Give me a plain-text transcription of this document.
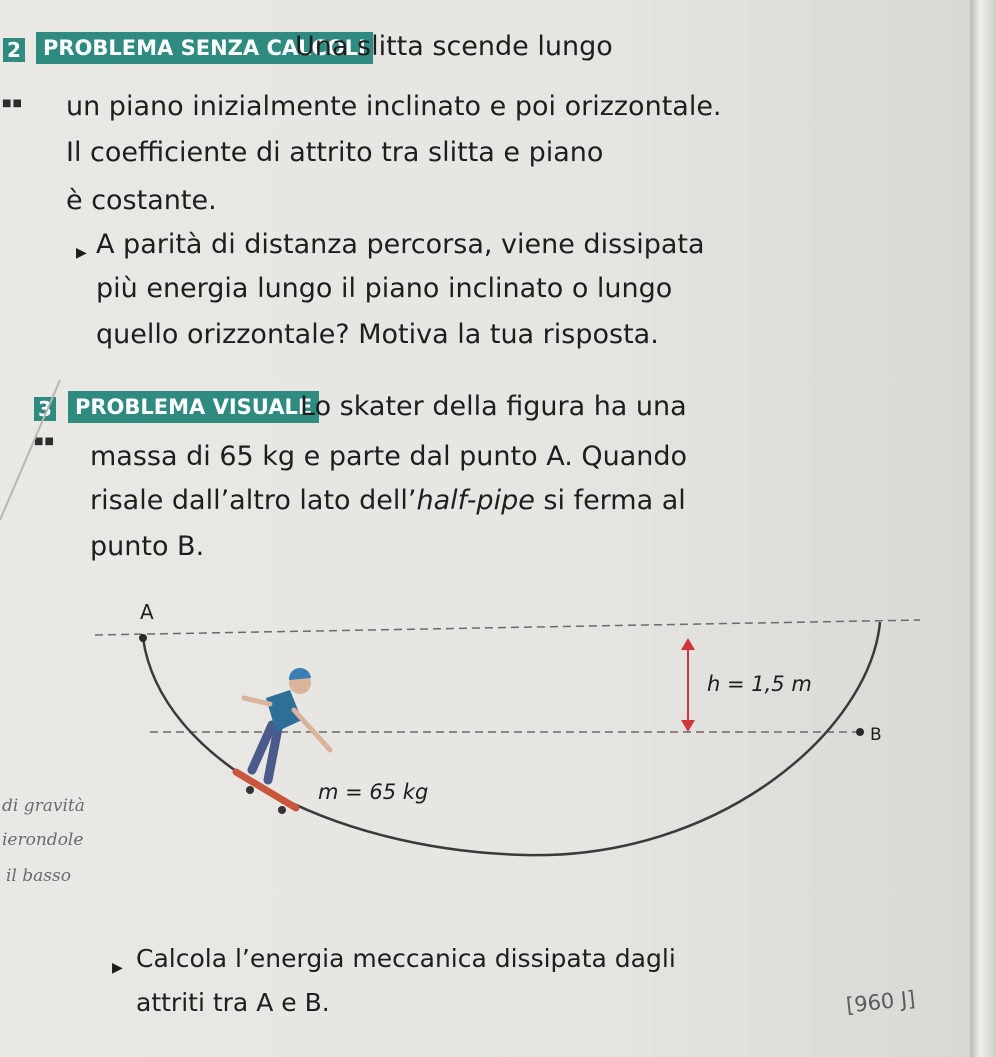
2
■■
PROBLEMA SENZA CALCOLI
Una slitta scende lungo
un piano inizialmente inclinato e poi orizzontale.
Il coefficiente di attrito tra slitta e piano
è costante.
▶ A parità di distanza percorsa, viene dissipata
più energia lungo il piano inclinato o lungo
quello orizzontale? Motiva la tua risposta.
3
■■
PROBLEMA VISUALE
Lo skater della figura ha una
massa di 65 kg e parte dal punto A. Quando
risale dall’altro lato dell’half-pipe si ferma al
punto B.
A
B
h = 1,5 m
m = 65 kg
di gravità
ierondole
il basso
▶ Calcola l’energia meccanica dissipata dagli
attriti tra A e B.	[960 J]
